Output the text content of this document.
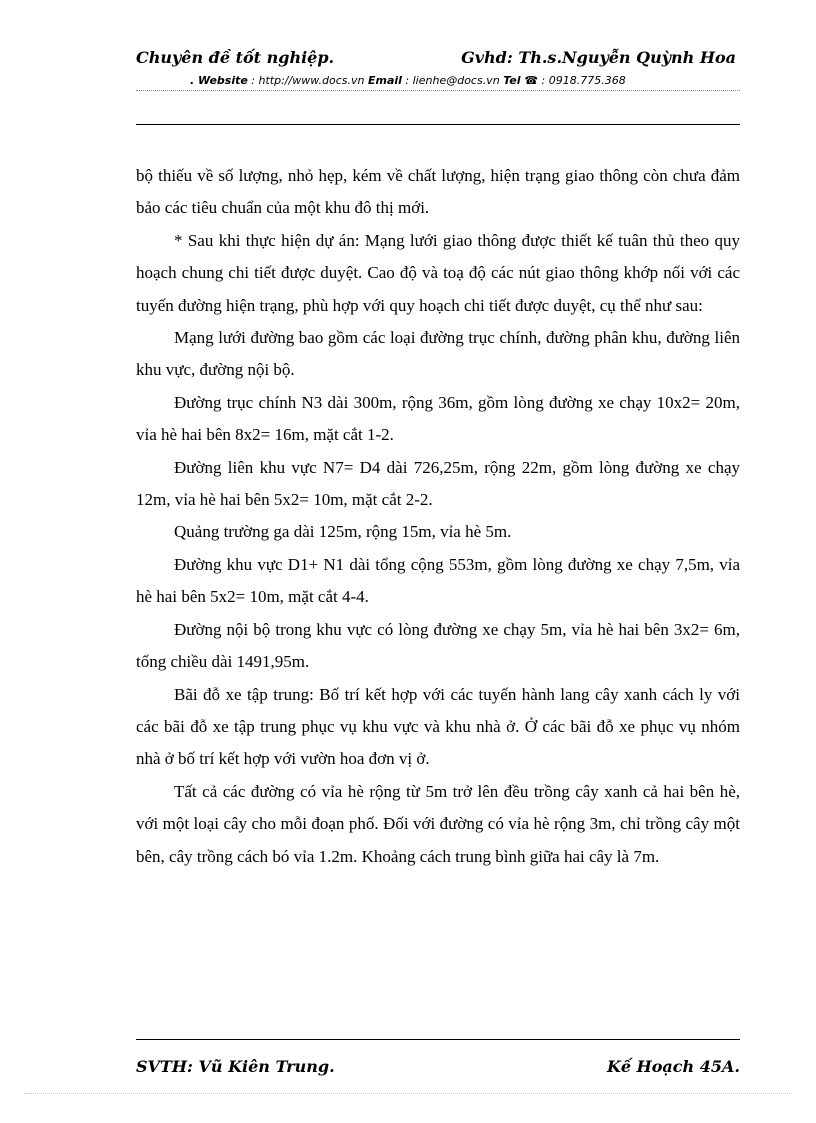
Chuyên đề tốt nghiệp.	Gvhd: Th.s.Nguyễn Quỳnh Hoa
. Website : http://www.docs.vn Email : lienhe@docs.vn Tel ☎ : 0918.775.368

bộ thiếu về số lượng, nhỏ hẹp, kém về chất lượng, hiện trạng giao thông còn chưa đảm bảo các tiêu chuẩn của một khu đô thị mới.

* Sau khi thực hiện dự án: Mạng lưới giao thông được thiết kế tuân thủ theo quy hoạch chung chi tiết được duyệt. Cao độ và toạ độ các nút giao thông khớp nối với các tuyến đường hiện trạng, phù hợp với quy hoạch chi tiết được duyệt, cụ thể như sau:

Mạng lưới đường bao gồm các loại đường trục chính, đường phân khu, đường liên khu vực, đường nội bộ.

Đường trục chính N3 dài 300m, rộng 36m, gồm lòng đường xe chạy 10x2= 20m, vỉa hè hai bên 8x2= 16m, mặt cắt 1-2.

Đường liên khu vực N7= D4 dài 726,25m, rộng 22m, gồm lòng đường xe chạy 12m, vỉa hè hai bên 5x2= 10m, mặt cắt 2-2.

Quảng trường ga dài 125m, rộng 15m, vỉa hè 5m.

Đường khu vực D1+ N1 dài tổng cộng 553m, gồm lòng đường xe chạy 7,5m, vỉa hè hai bên 5x2= 10m, mặt cắt 4-4.

Đường nội bộ trong khu vực có lòng đường xe chạy 5m, vỉa hè hai bên 3x2= 6m, tổng chiều dài 1491,95m.

Bãi đỗ xe tập trung: Bố trí kết hợp với các tuyến hành lang cây xanh cách ly với các bãi đỗ xe tập trung phục vụ khu vực và khu nhà ở. Ở các bãi đỗ xe phục vụ nhóm nhà ở bố trí kết hợp với vườn hoa đơn vị ở.

Tất cả các đường có vỉa hè rộng từ 5m trở lên đều trồng cây xanh cả hai bên hè, với một loại cây cho mỗi đoạn phố. Đối với đường có vỉa hè rộng 3m, chỉ trồng cây một bên, cây trồng cách bó vỉa 1.2m. Khoảng cách trung bình giữa hai cây là 7m.

SVTH: Vũ Kiên Trung.	Kế Hoạch 45A.
